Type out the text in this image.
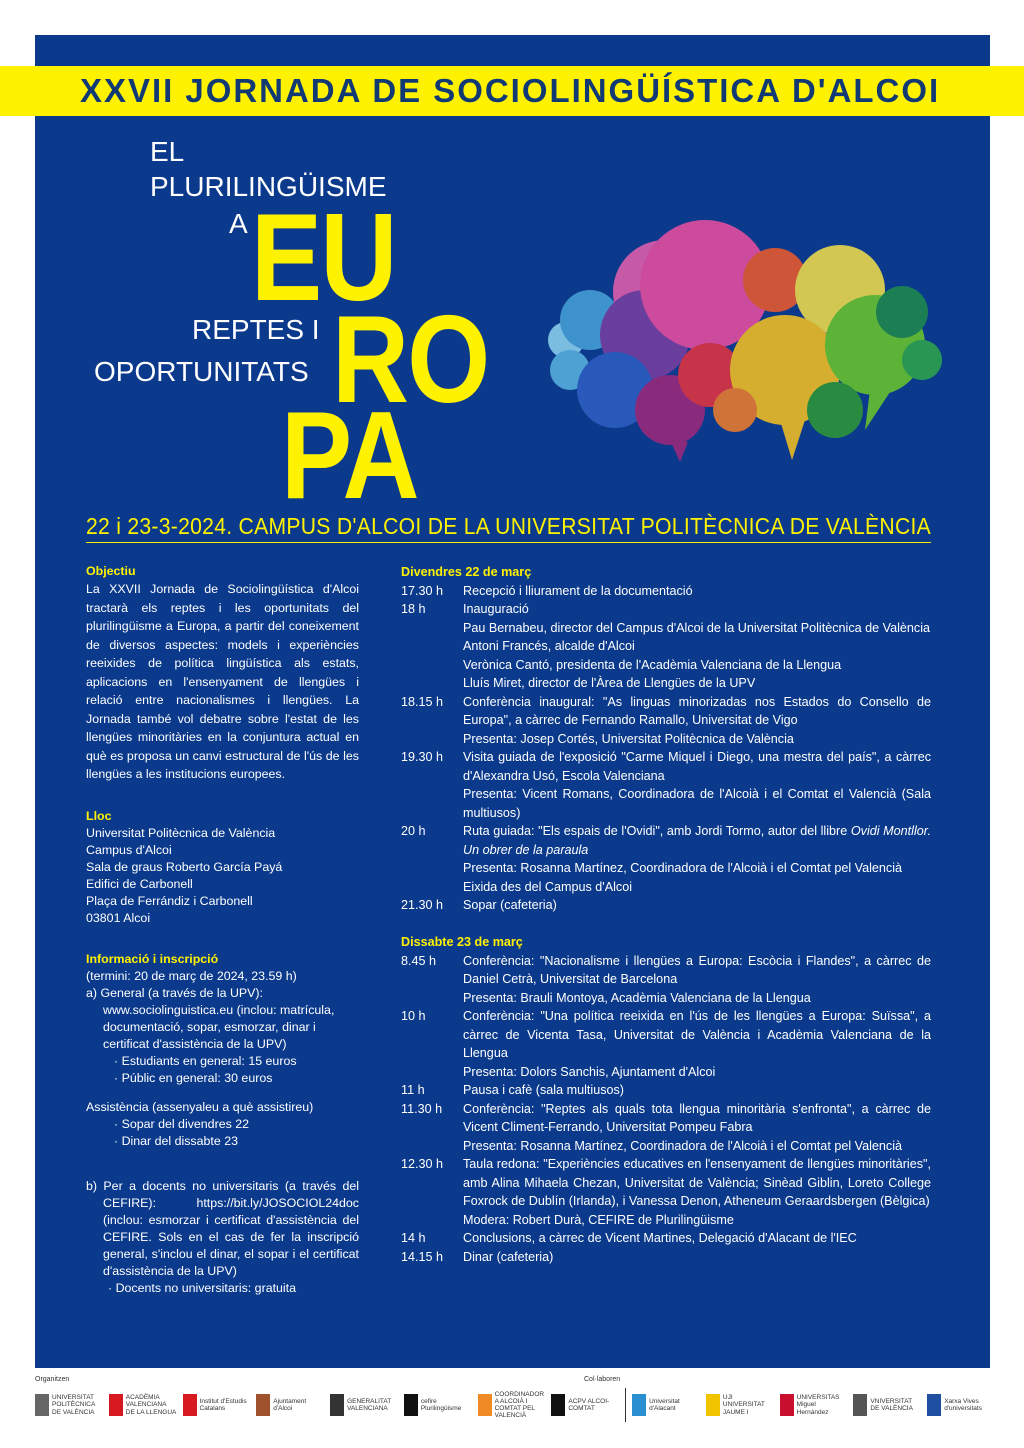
XXVII JORNADA DE SOCIOLINGÜÍSTICA D'ALCOI
EL
PLURILINGÜISME
A
REPTES I
OPORTUNITATS
EU
RO
PA
22 i 23-3-2024. CAMPUS D'ALCOI DE LA UNIVERSITAT POLITÈCNICA DE VALÈNCIA
Objectiu
La XXVII Jornada de Sociolingüística d'Alcoi tractarà els reptes i les oportunitats del plurilingüisme a Europa, a partir del coneixement de diversos aspectes: models i experiències reeixides de política lingüística als estats, aplicacions en l'ensenyament de llengües i relació entre nacionalismes i llengües. La Jornada també vol debatre sobre l'estat de les llengües minoritàries en la conjuntura actual en què es proposa un canvi estructural de l'ús de les llengües a les institucions europees.
Lloc
Universitat Politècnica de València
Campus d'Alcoi
Sala de graus Roberto García Payá
Edifici de Carbonell
Plaça de Ferrándiz i Carbonell
03801 Alcoi
Informació i inscripció
(termini: 20 de març de 2024, 23.59 h)
a) General (a través de la UPV):
www.sociolinguistica.eu (inclou: matrícula, documentació, sopar, esmorzar, dinar i certificat d'assistència de la UPV)
· Estudiants en general: 15 euros
· Públic en general: 30 euros
Assistència (assenyaleu a què assistireu)
· Sopar del divendres 22
· Dinar del dissabte 23
b) Per a docents no universitaris (a través del CEFIRE): https://bit.ly/JOSOCIOL24doc (inclou: esmorzar i certificat d'assistència del CEFIRE. Sols en el cas de fer la inscripció general, s'inclou el dinar, el sopar i el certificat d'assistència de la UPV)
· Docents no universitaris: gratuita
Divendres 22 de març
17.30 h	Recepció i lliurament de la documentació
18 h	Inauguració
Pau Bernabeu, director del Campus d'Alcoi de la Universitat Politècnica de València
Antoni Francés, alcalde d'Alcoi
Verònica Cantó, presidenta de l'Acadèmia Valenciana de la Llengua
Lluís Miret, director de l'Àrea de Llengües de la UPV
18.15 h	Conferència inaugural: "As linguas minorizadas nos Estados do Consello de Europa", a càrrec de Fernando Ramallo, Universitat de Vigo
Presenta: Josep Cortés, Universitat Politècnica de València
19.30 h	Visita guiada de l'exposició "Carme Miquel i Diego, una mestra del país", a càrrec d'Alexandra Usó, Escola Valenciana
Presenta: Vicent Romans, Coordinadora de l'Alcoià i el Comtat el Valencià (Sala multiusos)
20 h	Ruta guiada: "Els espais de l'Ovidi", amb Jordi Tormo, autor del llibre Ovidi Montllor. Un obrer de la paraula
Presenta: Rosanna Martínez, Coordinadora de l'Alcoià i el Comtat pel Valencià
Eixida des del Campus d'Alcoi
21.30 h	Sopar (cafeteria)
Dissabte 23 de març
8.45 h	Conferència: "Nacionalisme i llengües a Europa: Escòcia i Flandes", a càrrec de Daniel Cetrà, Universitat de Barcelona
Presenta: Brauli Montoya, Acadèmia Valenciana de la Llengua
10 h	Conferència: "Una política reeixida en l'ús de les llengües a Europa: Suïssa", a càrrec de Vicenta Tasa, Universitat de València i Acadèmia Valenciana de la Llengua
Presenta: Dolors Sanchis, Ajuntament d'Alcoi
11 h	Pausa i cafè (sala multiusos)
11.30 h	Conferència: "Reptes als quals tota llengua minoritària s'enfronta", a càrrec de Vicent Climent-Ferrando, Universitat Pompeu Fabra
Presenta: Rosanna Martínez, Coordinadora de l'Alcoià i el Comtat pel Valencià
12.30 h	Taula redona: "Experiències educatives en l'ensenyament de llengües minoritàries", amb Alina Mihaela Chezan, Universitat de València; Sinèad Giblin, Loreto College Foxrock de Dublín (Irlanda), i Vanessa Denon, Atheneum Geraardsbergen (Bèlgica)
Modera: Robert Durà, CEFIRE de Plurilingüisme
14 h	Conclusions, a càrrec de Vicent Martines, Delegació d'Alacant de l'IEC
14.15 h	Dinar (cafeteria)
Organitzen	Col·laboren
UNIVERSITAT POLITÈCNICA DE VALÈNCIA
ACADÈMIA VALENCIANA DE LA LLENGUA
Institut d'Estudis Catalans
Ajuntament d'Alcoi
GENERALITAT VALENCIANA
cefire Plurilingüisme
COORDINADORA ALCOIÀ I COMTAT PEL VALENCIÀ
ACPV ALCOI-COMTAT
Universitat d'Alacant
UJI UNIVERSITAT JAUME I
UNIVERSITAS Miguel Hernández
VNIVERSITAT DE VALÈNCIA
Xarxa Vives d'universitats
